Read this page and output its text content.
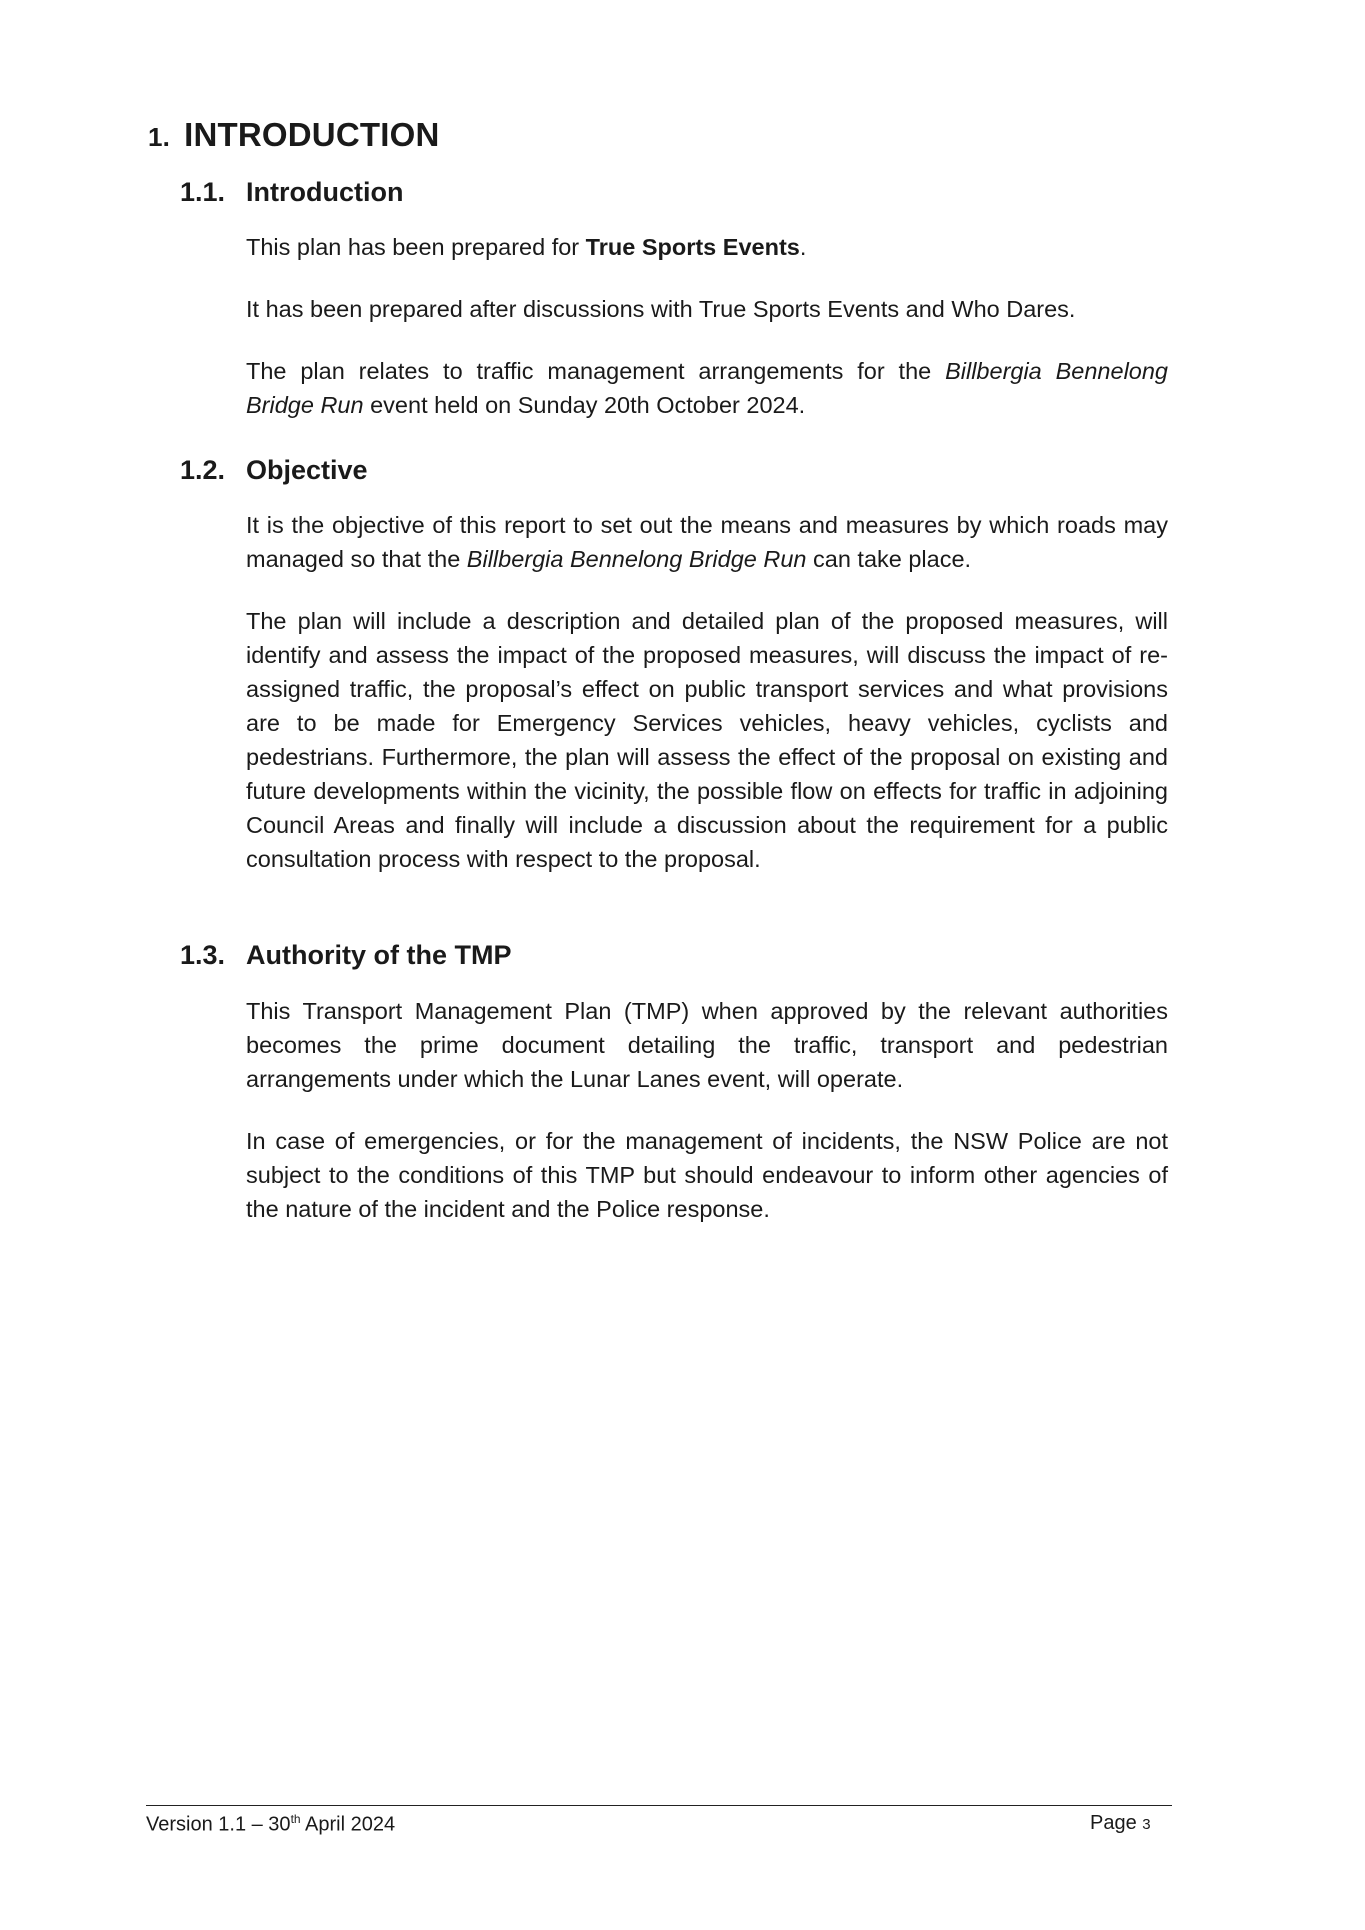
1. INTRODUCTION
1.1. Introduction

This plan has been prepared for True Sports Events.

It has been prepared after discussions with True Sports Events and Who Dares.

The plan relates to traffic management arrangements for the Billbergia Bennelong Bridge Run event held on Sunday 20th October 2024.

1.2. Objective

It is the objective of this report to set out the means and measures by which roads may managed so that the Billbergia Bennelong Bridge Run can take place.

The plan will include a description and detailed plan of the proposed measures, will identify and assess the impact of the proposed measures, will discuss the impact of re-assigned traffic, the proposal’s effect on public transport services and what provisions are to be made for Emergency Services vehicles, heavy vehicles, cyclists and pedestrians. Furthermore, the plan will assess the effect of the proposal on existing and future developments within the vicinity, the possible flow on effects for traffic in adjoining Council Areas and finally will include a discussion about the requirement for a public consultation process with respect to the proposal.

1.3. Authority of the TMP

This Transport Management Plan (TMP) when approved by the relevant authorities becomes the prime document detailing the traffic, transport and pedestrian arrangements under which the Lunar Lanes event, will operate.

In case of emergencies, or for the management of incidents, the NSW Police are not subject to the conditions of this TMP but should endeavour to inform other agencies of the nature of the incident and the Police response.

Version 1.1 – 30th April 2024	Page 3
